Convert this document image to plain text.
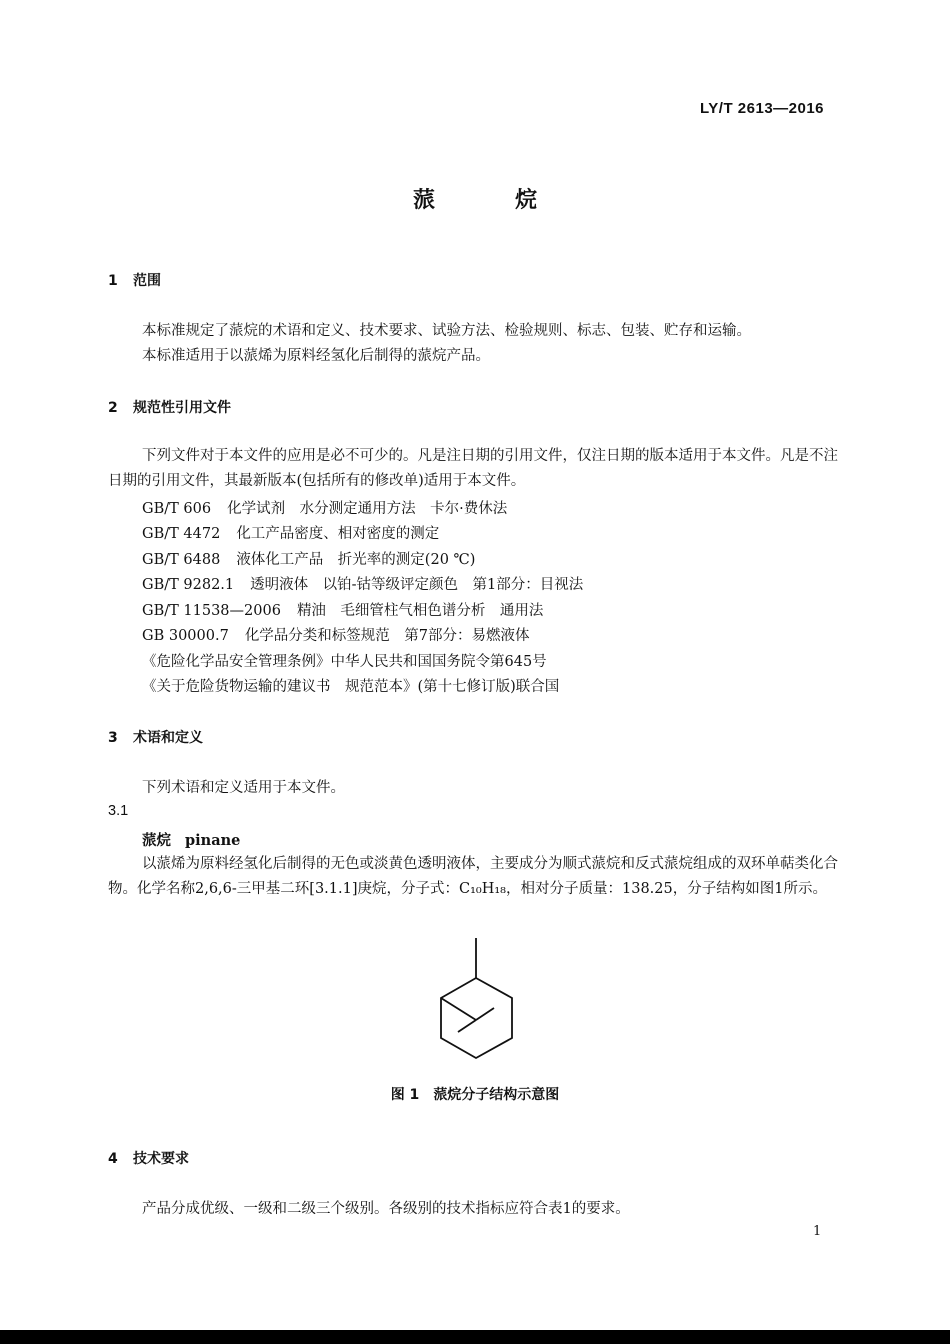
LY/T 2613—2016
蒎	烷
1 范围
本标准规定了蒎烷的术语和定义、技术要求、试验方法、检验规则、标志、包装、贮存和运输。
本标准适用于以蒎烯为原料经氢化后制得的蒎烷产品。
2 规范性引用文件
下列文件对于本文件的应用是必不可少的。凡是注日期的引用文件，仅注日期的版本适用于本文件。凡是不注日期的引用文件，其最新版本(包括所有的修改单)适用于本文件。
GB/T 606 化学试剂　水分测定通用方法　卡尔·费休法
GB/T 4472 化工产品密度、相对密度的测定
GB/T 6488 液体化工产品　折光率的测定(20 ℃)
GB/T 9282.1 透明液体　以铂-钴等级评定颜色　第1部分：目视法
GB/T 11538—2006 精油　毛细管柱气相色谱分析　通用法
GB 30000.7 化学品分类和标签规范　第7部分：易燃液体
《危险化学品安全管理条例》中华人民共和国国务院令第645号
《关于危险货物运输的建议书　规范范本》(第十七修订版)联合国
3 术语和定义
下列术语和定义适用于本文件。
3.1
蒎烷 pinane
以蒎烯为原料经氢化后制得的无色或淡黄色透明液体，主要成分为顺式蒎烷和反式蒎烷组成的双环单萜类化合物。化学名称2,6,6-三甲基二环[3.1.1]庚烷，分子式：C₁₀H₁₈，相对分子质量：138.25，分子结构如图1所示。
图 1 蒎烷分子结构示意图
4 技术要求
产品分成优级、一级和二级三个级别。各级别的技术指标应符合表1的要求。
1
